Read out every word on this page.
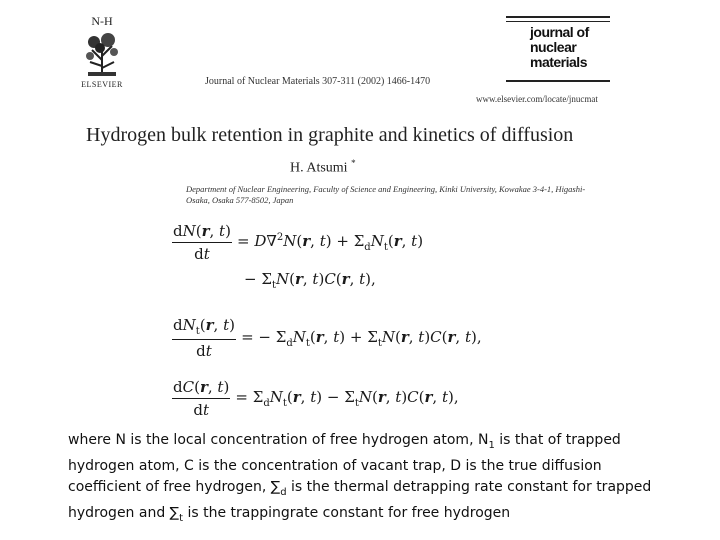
N-H
ELSEVIER	Journal of Nuclear Materials 307-311 (2002) 1466-1470
journal of
nuclear
materials
www.elsevier.com/locate/jnucmat
Hydrogen bulk retention in graphite and kinetics of diffusion
H. Atsumi *
Department of Nuclear Engineering, Faculty of Science and Engineering, Kinki University, Kowakae 3-4-1, Higashi-Osaka, Osaka 577-8502, Japan
$\frac{dN(r, t)}{dt} = D\nabla^2N(r$, $t) + \Sigma_dN_t(r$, t)
− $\Sigma_tN(r$, t)C(r, t),
$\frac{dN_t(r, t)}{dt}$ = − $\Sigma_dN_t(r$, $t) + \Sigma_tN(r$, t)C(r, t),
$\frac{dC(r, t)}{dt} = \Sigma_dN_t(r$, $t) - \Sigma_tN(r$, t)C(r, t),
where N is the local concentration of free hydrogen atom, $N_1$ is that of trapped hydrogen atom, C is the concentration of vacant trap, D is the true diffusion coefficient of free hydrogen, $\sum_d$ is the thermal detrapping rate constant for trapped hydrogen and $\sum_t$ is the trappingrate constant for free hydrogen
